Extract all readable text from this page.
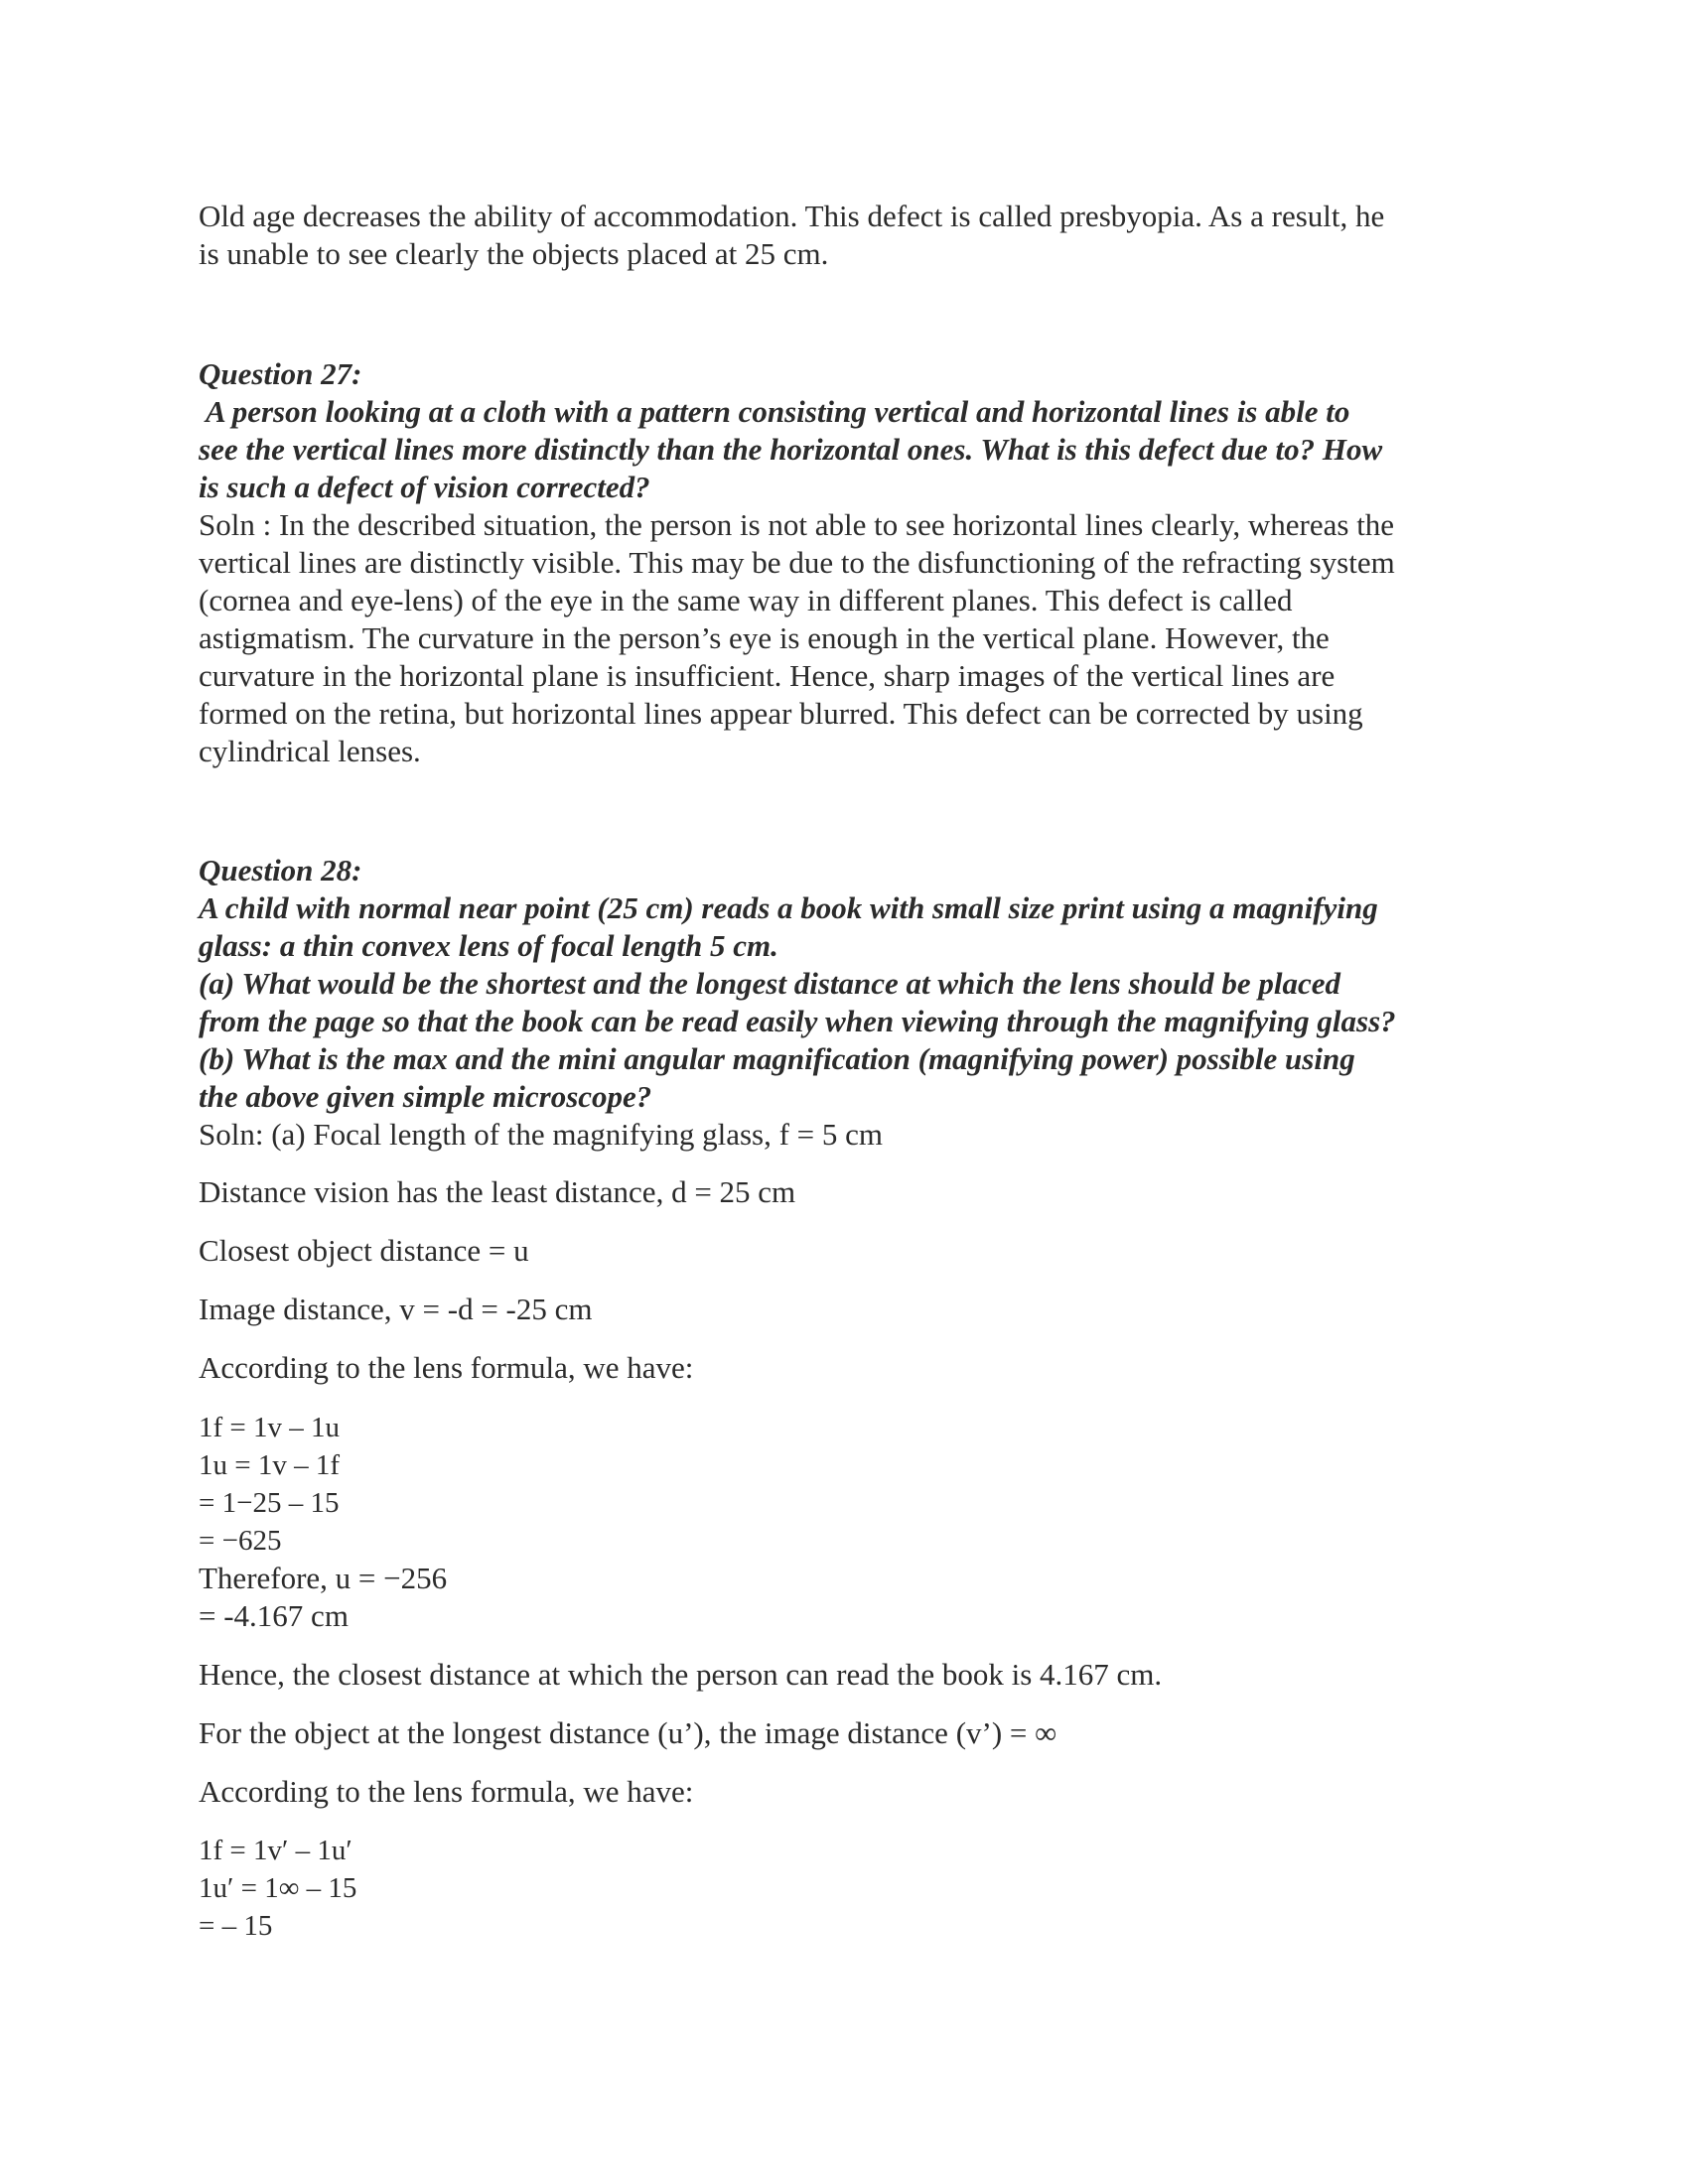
Old age decreases the ability of accommodation. This defect is called presbyopia. As a result, he
is unable to see clearly the objects placed at 25 cm.
Question 27:
A person looking at a cloth with a pattern consisting vertical and horizontal lines is able to
see the vertical lines more distinctly than the horizontal ones. What is this defect due to? How
is such a defect of vision corrected?
Soln : In the described situation, the person is not able to see horizontal lines clearly, whereas the
vertical lines are distinctly visible. This may be due to the disfunctioning of the refracting system
(cornea and eye-lens) of the eye in the same way in different planes. This defect is called
astigmatism. The curvature in the person’s eye is enough in the vertical plane. However, the
curvature in the horizontal plane is insufficient. Hence, sharp images of the vertical lines are
formed on the retina, but horizontal lines appear blurred. This defect can be corrected by using
cylindrical lenses.
Question 28:
A child with normal near point (25 cm) reads a book with small size print using a magnifying
glass: a thin convex lens of focal length 5 cm.
(a) What would be the shortest and the longest distance at which the lens should be placed
from the page so that the book can be read easily when viewing through the magnifying glass?
(b) What is the max and the mini angular magnification (magnifying power) possible using
the above given simple microscope?
Soln: (a) Focal length of the magnifying glass, f = 5 cm
Distance vision has the least distance, d = 25 cm
Closest object distance = u
Image distance, v = -d = -25 cm
According to the lens formula, we have:
1f = 1v – 1u
1u = 1v – 1f
= 1−25 – 15
= −625
Therefore, u = −256
= -4.167 cm
Hence, the closest distance at which the person can read the book is 4.167 cm.
For the object at the longest distance (u’), the image distance (v’) = ∞
According to the lens formula, we have:
1f = 1v′ – 1u′
1u′ = 1∞ – 15
= – 15
